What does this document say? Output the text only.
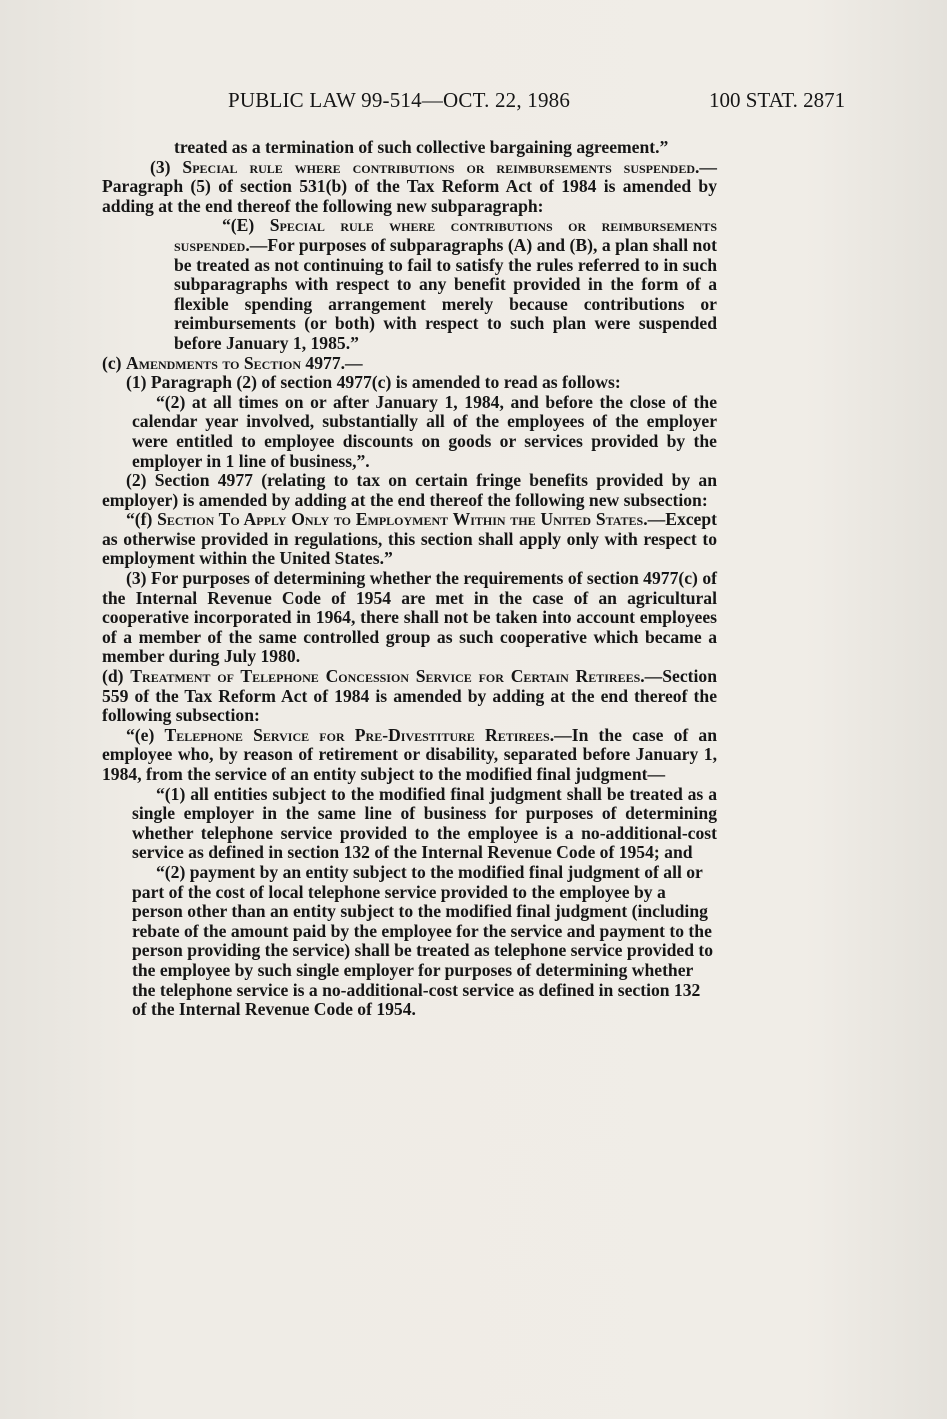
PUBLIC LAW 99-514—OCT. 22, 1986	100 STAT. 2871

treated as a termination of such collective bargaining agreement.”

(3) Special rule where contributions or reimbursements suspended.—Paragraph (5) of section 531(b) of the Tax Reform Act of 1984 is amended by adding at the end thereof the following new subparagraph:

“(E) Special rule where contributions or reimbursements suspended.—For purposes of subparagraphs (A) and (B), a plan shall not be treated as not continuing to fail to satisfy the rules referred to in such subparagraphs with respect to any benefit provided in the form of a flexible spending arrangement merely because contributions or reimbursements (or both) with respect to such plan were suspended before January 1, 1985.”

(c) Amendments to Section 4977.—

(1) Paragraph (2) of section 4977(c) is amended to read as follows:

“(2) at all times on or after January 1, 1984, and before the close of the calendar year involved, substantially all of the employees of the employer were entitled to employee discounts on goods or services provided by the employer in 1 line of business,”.

(2) Section 4977 (relating to tax on certain fringe benefits provided by an employer) is amended by adding at the end thereof the following new subsection:

“(f) Section To Apply Only to Employment Within the United States.—Except as otherwise provided in regulations, this section shall apply only with respect to employment within the United States.”

(3) For purposes of determining whether the requirements of section 4977(c) of the Internal Revenue Code of 1954 are met in the case of an agricultural cooperative incorporated in 1964, there shall not be taken into account employees of a member of the same controlled group as such cooperative which became a member during July 1980.

(d) Treatment of Telephone Concession Service for Certain Retirees.—Section 559 of the Tax Reform Act of 1984 is amended by adding at the end thereof the following subsection:

“(e) Telephone Service for Pre-Divestiture Retirees.—In the case of an employee who, by reason of retirement or disability, separated before January 1, 1984, from the service of an entity subject to the modified final judgment—

“(1) all entities subject to the modified final judgment shall be treated as a single employer in the same line of business for purposes of determining whether telephone service provided to the employee is a no-additional-cost service as defined in section 132 of the Internal Revenue Code of 1954; and

“(2) payment by an entity subject to the modified final judgment of all or part of the cost of local telephone service provided to the employee by a person other than an entity subject to the modified final judgment (including rebate of the amount paid by the employee for the service and payment to the person providing the service) shall be treated as telephone service provided to the employee by such single employer for purposes of determining whether the telephone service is a no-additional-cost service as defined in section 132 of the Internal Revenue Code of 1954.
